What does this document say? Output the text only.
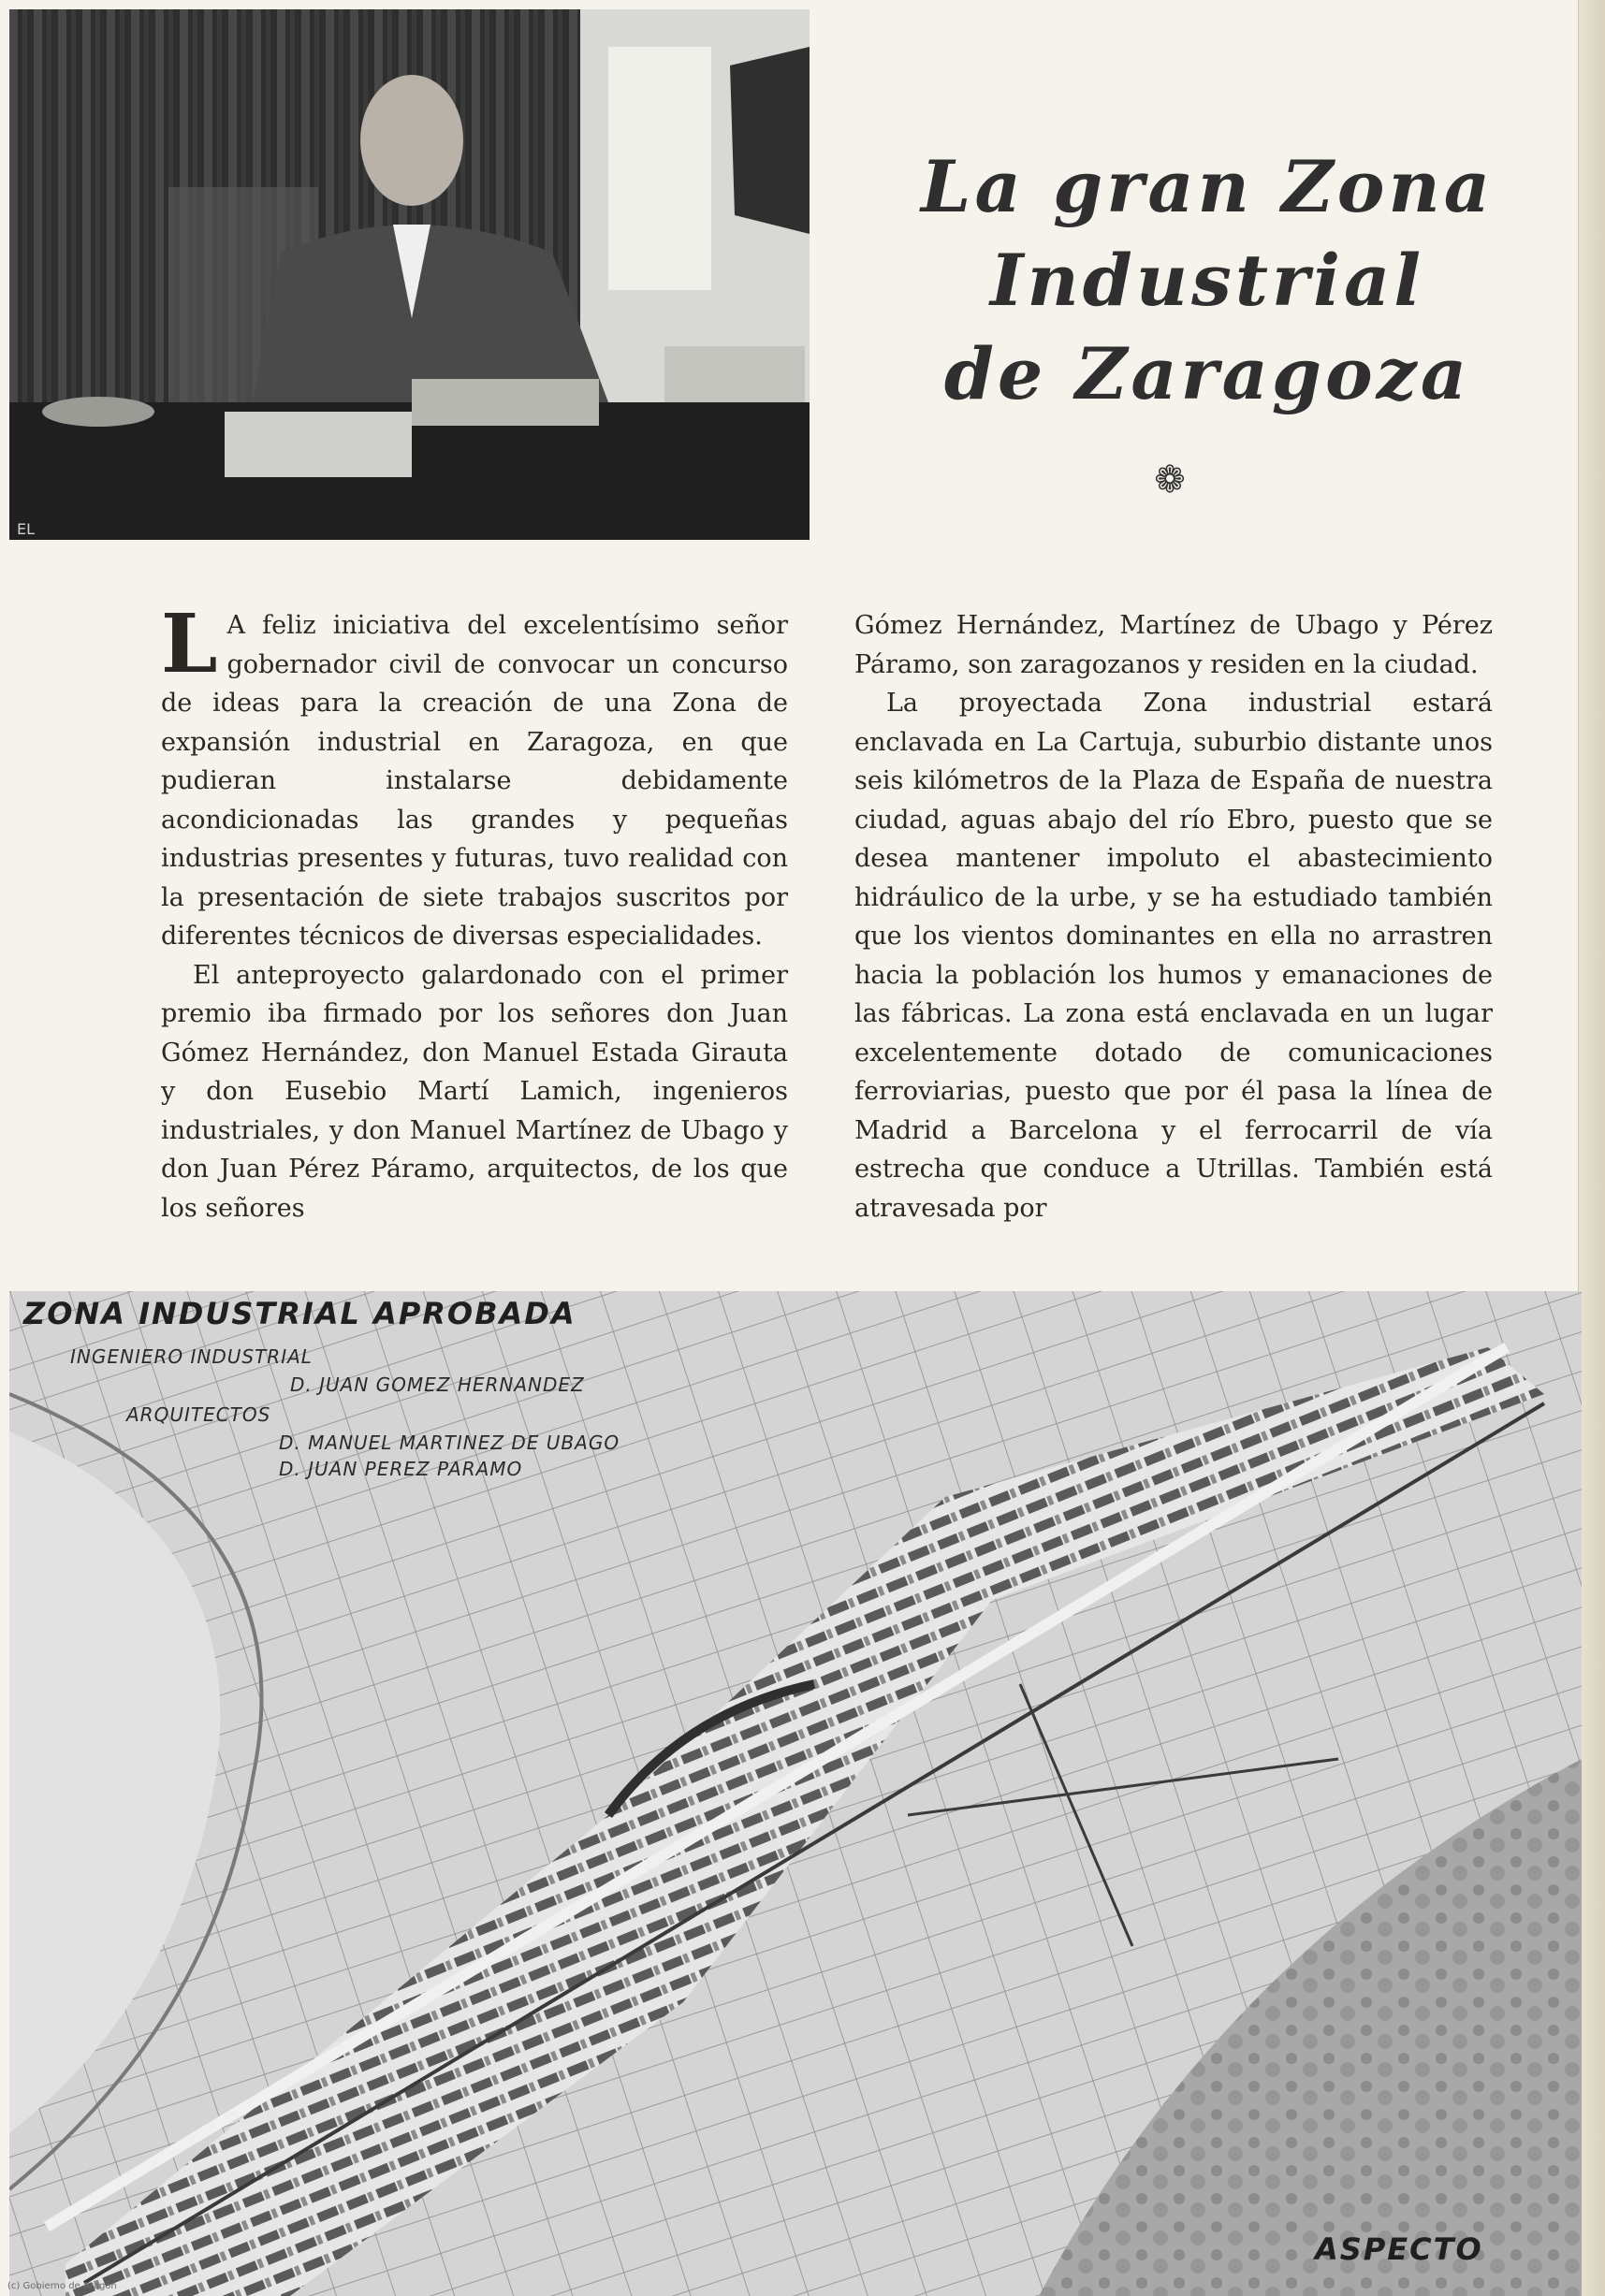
EL
La gran Zona
Industrial
de Zaragoza
❁

L A feliz iniciativa del excelentísimo señor gobernador civil de convocar un concurso de ideas para la creación de una Zona de expansión industrial en Zaragoza, en que pudieran instalarse debidamente acondicionadas las grandes y pequeñas industrias presentes y futuras, tuvo realidad con la presentación de siete trabajos suscritos por diferentes técnicos de diversas especialidades.

El anteproyecto galardonado con el primer premio iba firmado por los señores don Juan Gómez Hernández, don Manuel Estada Girauta y don Eusebio Martí Lamich, ingenieros industriales, y don Manuel Martínez de Ubago y don Juan Pérez Páramo, arquitectos, de los que los señores

Gómez Hernández, Martínez de Ubago y Pérez Páramo, son zaragozanos y residen en la ciudad.

La proyectada Zona industrial estará enclavada en La Cartuja, suburbio distante unos seis kilómetros de la Plaza de España de nuestra ciudad, aguas abajo del río Ebro, puesto que se desea mantener impoluto el abastecimiento hidráulico de la urbe, y se ha estudiado también que los vientos dominantes en ella no arrastren hacia la población los humos y emanaciones de las fábricas. La zona está enclavada en un lugar excelentemente dotado de comunicaciones ferroviarias, puesto que por él pasa la línea de Madrid a Barcelona y el ferrocarril de vía estrecha que conduce a Utrillas. También está atravesada por

ZONA INDUSTRIAL APROBADA
INGENIERO INDUSTRIAL
D. JUAN GOMEZ HERNANDEZ
ARQUITECTOS
D. MANUEL MARTINEZ DE UBAGO
D. JUAN PEREZ PARAMO
ASPECTO
(c) Gobierno de Aragón
